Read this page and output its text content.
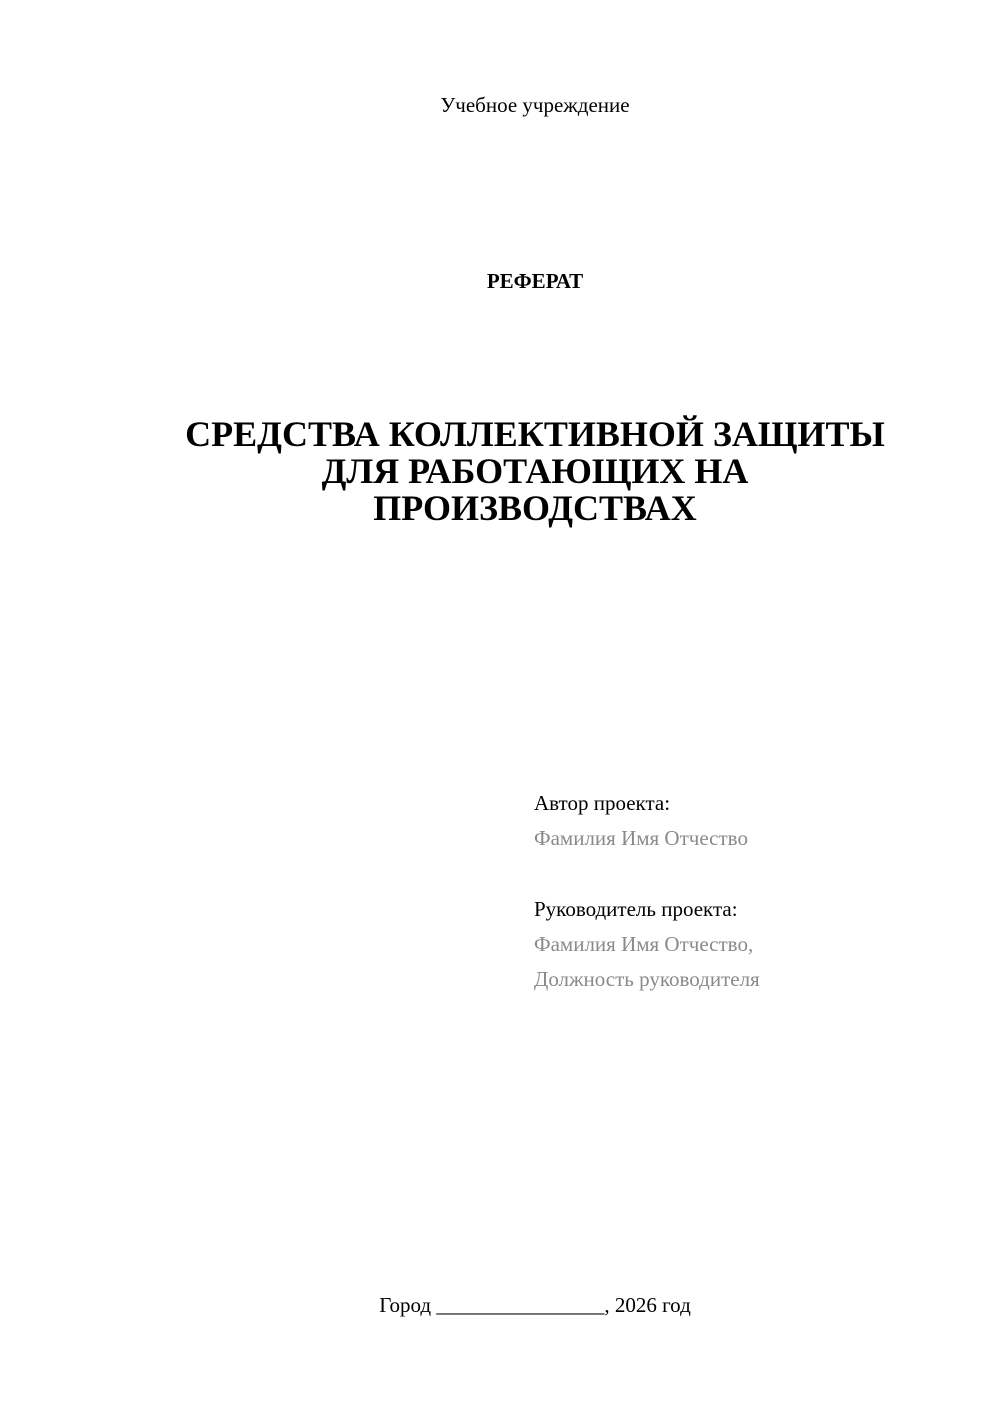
Учебное учреждение
РЕФЕРАТ
СРЕДСТВА КОЛЛЕКТИВНОЙ ЗАЩИТЫ
ДЛЯ РАБОТАЮЩИХ НА
ПРОИЗВОДСТВАХ
Автор проекта:
Фамилия Имя Отчество
Руководитель проекта:
Фамилия Имя Отчество,
Должность руководителя
Город ________________, 2026 год
